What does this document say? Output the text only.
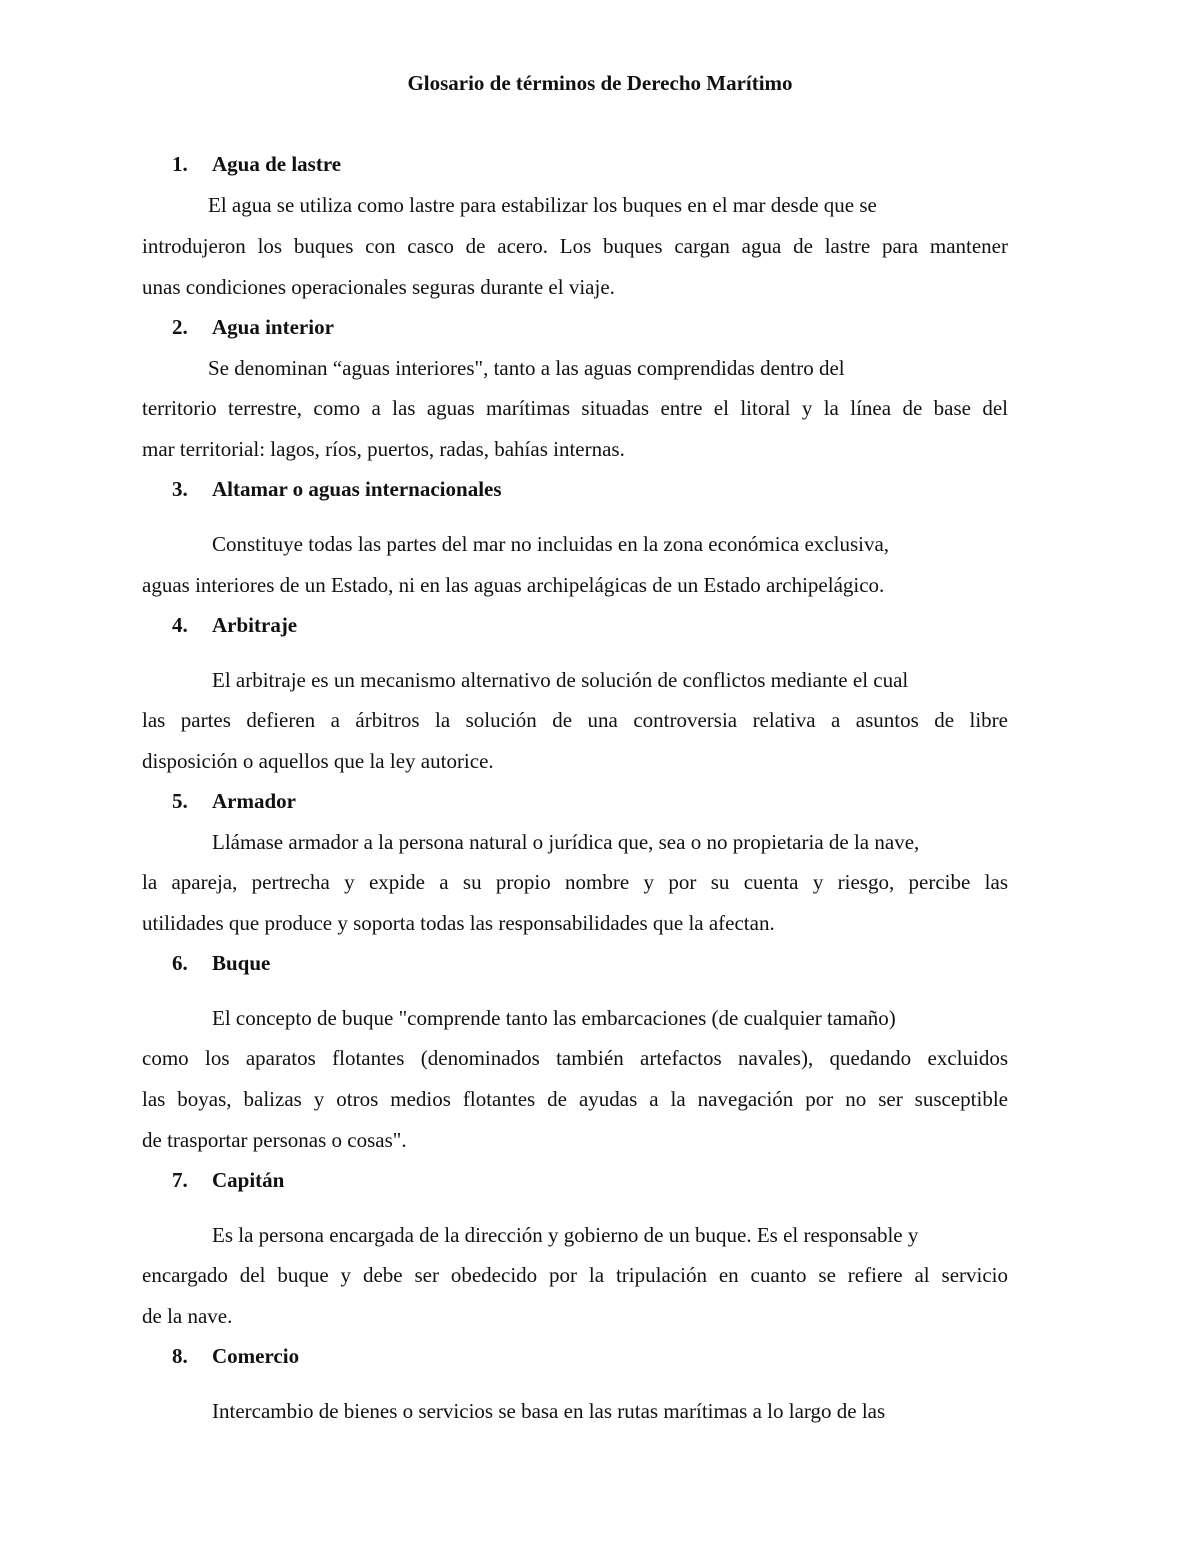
Glosario de términos de Derecho Marítimo
1. Agua de lastre
El agua se utiliza como lastre para estabilizar los buques en el mar desde que se
introdujeron los buques con casco de acero. Los buques cargan agua de lastre para mantener
unas condiciones operacionales seguras durante el viaje.
2. Agua interior
Se denominan “aguas interiores", tanto a las aguas comprendidas dentro del
territorio terrestre, como a las aguas marítimas situadas entre el litoral y la línea de base del
mar territorial: lagos, ríos, puertos, radas, bahías internas.
3. Altamar o aguas internacionales
Constituye todas las partes del mar no incluidas en la zona económica exclusiva,
aguas interiores de un Estado, ni en las aguas archipelágicas de un Estado archipelágico.
4. Arbitraje
El arbitraje es un mecanismo alternativo de solución de conflictos mediante el cual
las partes defieren a árbitros la solución de una controversia relativa a asuntos de libre
disposición o aquellos que la ley autorice.
5. Armador
Llámase armador a la persona natural o jurídica que, sea o no propietaria de la nave,
la apareja, pertrecha y expide a su propio nombre y por su cuenta y riesgo, percibe las
utilidades que produce y soporta todas las responsabilidades que la afectan.
6. Buque
El concepto de buque "comprende tanto las embarcaciones (de cualquier tamaño)
como los aparatos flotantes (denominados también artefactos navales), quedando excluidos
las boyas, balizas y otros medios flotantes de ayudas a la navegación por no ser susceptible
de trasportar personas o cosas".
7. Capitán
Es la persona encargada de la dirección y gobierno de un buque. Es el responsable y
encargado del buque y debe ser obedecido por la tripulación en cuanto se refiere al servicio
de la nave.
8. Comercio
Intercambio de bienes o servicios se basa en las rutas marítimas a lo largo de las
